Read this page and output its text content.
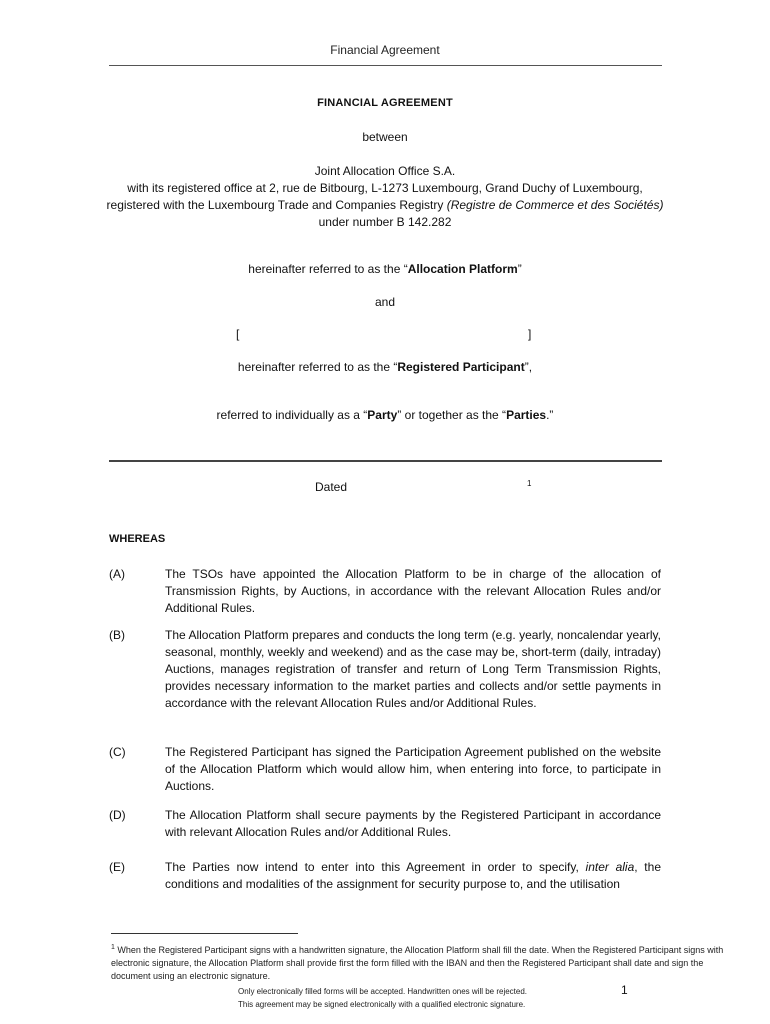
Financial Agreement
FINANCIAL AGREEMENT
between
Joint Allocation Office S.A.
with its registered office at 2, rue de Bitbourg, L-1273 Luxembourg, Grand Duchy of Luxembourg, registered with the Luxembourg Trade and Companies Registry (Registre de Commerce et des Sociétés) under number B 142.282
hereinafter referred to as the “Allocation Platform”
and
[	]
hereinafter referred to as the “Registered Participant”,
referred to individually as a “Party” or together as the “Parties.”
Dated	1
WHEREAS
(A)	The TSOs have appointed the Allocation Platform to be in charge of the allocation of Transmission Rights, by Auctions, in accordance with the relevant Allocation Rules and/or Additional Rules.
(B)	The Allocation Platform prepares and conducts the long term (e.g. yearly, noncalendar yearly, seasonal, monthly, weekly and weekend) and as the case may be, short-term (daily, intraday) Auctions, manages registration of transfer and return of Long Term Transmission Rights, provides necessary information to the market parties and collects and/or settle payments in accordance with the relevant Allocation Rules and/or Additional Rules.
(C)	The Registered Participant has signed the Participation Agreement published on the website of the Allocation Platform which would allow him, when entering into force, to participate in Auctions.
(D)	The Allocation Platform shall secure payments by the Registered Participant in accordance with relevant Allocation Rules and/or Additional Rules.
(E)	The Parties now intend to enter into this Agreement in order to specify, inter alia, the conditions and modalities of the assignment for security purpose to, and the utilisation
$^1$ When the Registered Participant signs with a handwritten signature, the Allocation Platform shall fill the date. When the Registered Participant signs with electronic signature, the Allocation Platform shall provide first the form filled with the IBAN and then the Registered Participant shall date and sign the document using an electronic signature.
Only electronically filled forms will be accepted. Handwritten ones will be rejected.
This agreement may be signed electronically with a qualified electronic signature.
1
